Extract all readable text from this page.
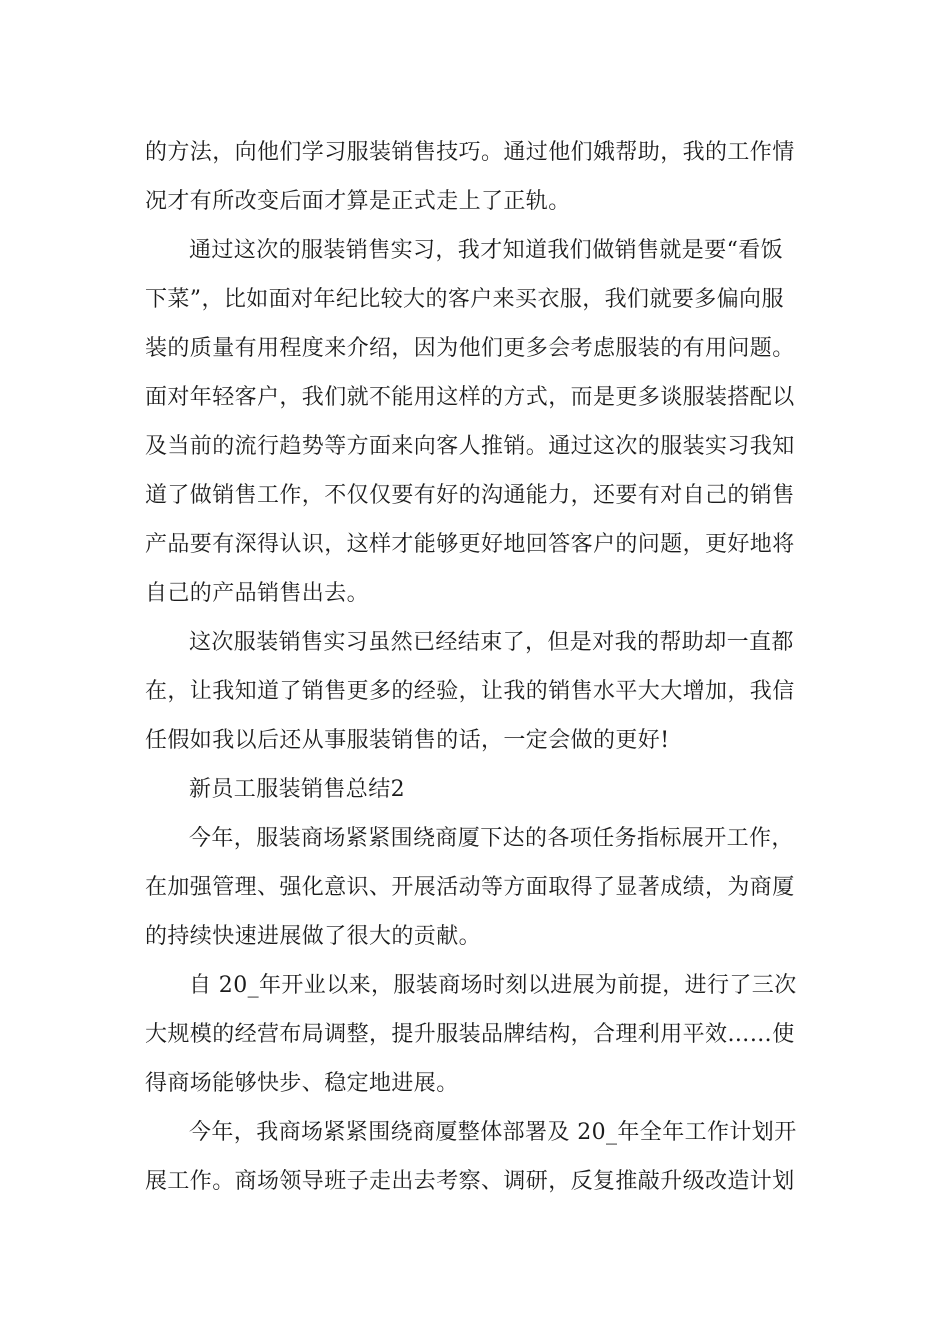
的方法，向他们学习服装销售技巧。通过他们娥帮助，我的工作情
况才有所改变后面才算是正式走上了正轨。

通过这次的服装销售实习，我才知道我们做销售就是要“看饭
下菜”，比如面对年纪比较大的客户来买衣服，我们就要多偏向服
装的质量有用程度来介绍，因为他们更多会考虑服装的有用问题。
面对年轻客户，我们就不能用这样的方式，而是更多谈服装搭配以
及当前的流行趋势等方面来向客人推销。通过这次的服装实习我知
道了做销售工作，不仅仅要有好的沟通能力，还要有对自己的销售
产品要有深得认识，这样才能够更好地回答客户的问题，更好地将
自己的产品销售出去。

这次服装销售实习虽然已经结束了，但是对我的帮助却一直都
在，让我知道了销售更多的经验，让我的销售水平大大增加，我信
任假如我以后还从事服装销售的话，一定会做的更好!

新员工服装销售总结2

今年，服装商场紧紧围绕商厦下达的各项任务指标展开工作，
在加强管理、强化意识、开展活动等方面取得了显著成绩，为商厦
的持续快速进展做了很大的贡献。

自 20_年开业以来，服装商场时刻以进展为前提，进行了三次
大规模的经营布局调整，提升服装品牌结构，合理利用平效……使
得商场能够快步、稳定地进展。

今年，我商场紧紧围绕商厦整体部署及 20_年全年工作计划开
展工作。商场领导班子走出去考察、调研，反复推敲升级改造计划
